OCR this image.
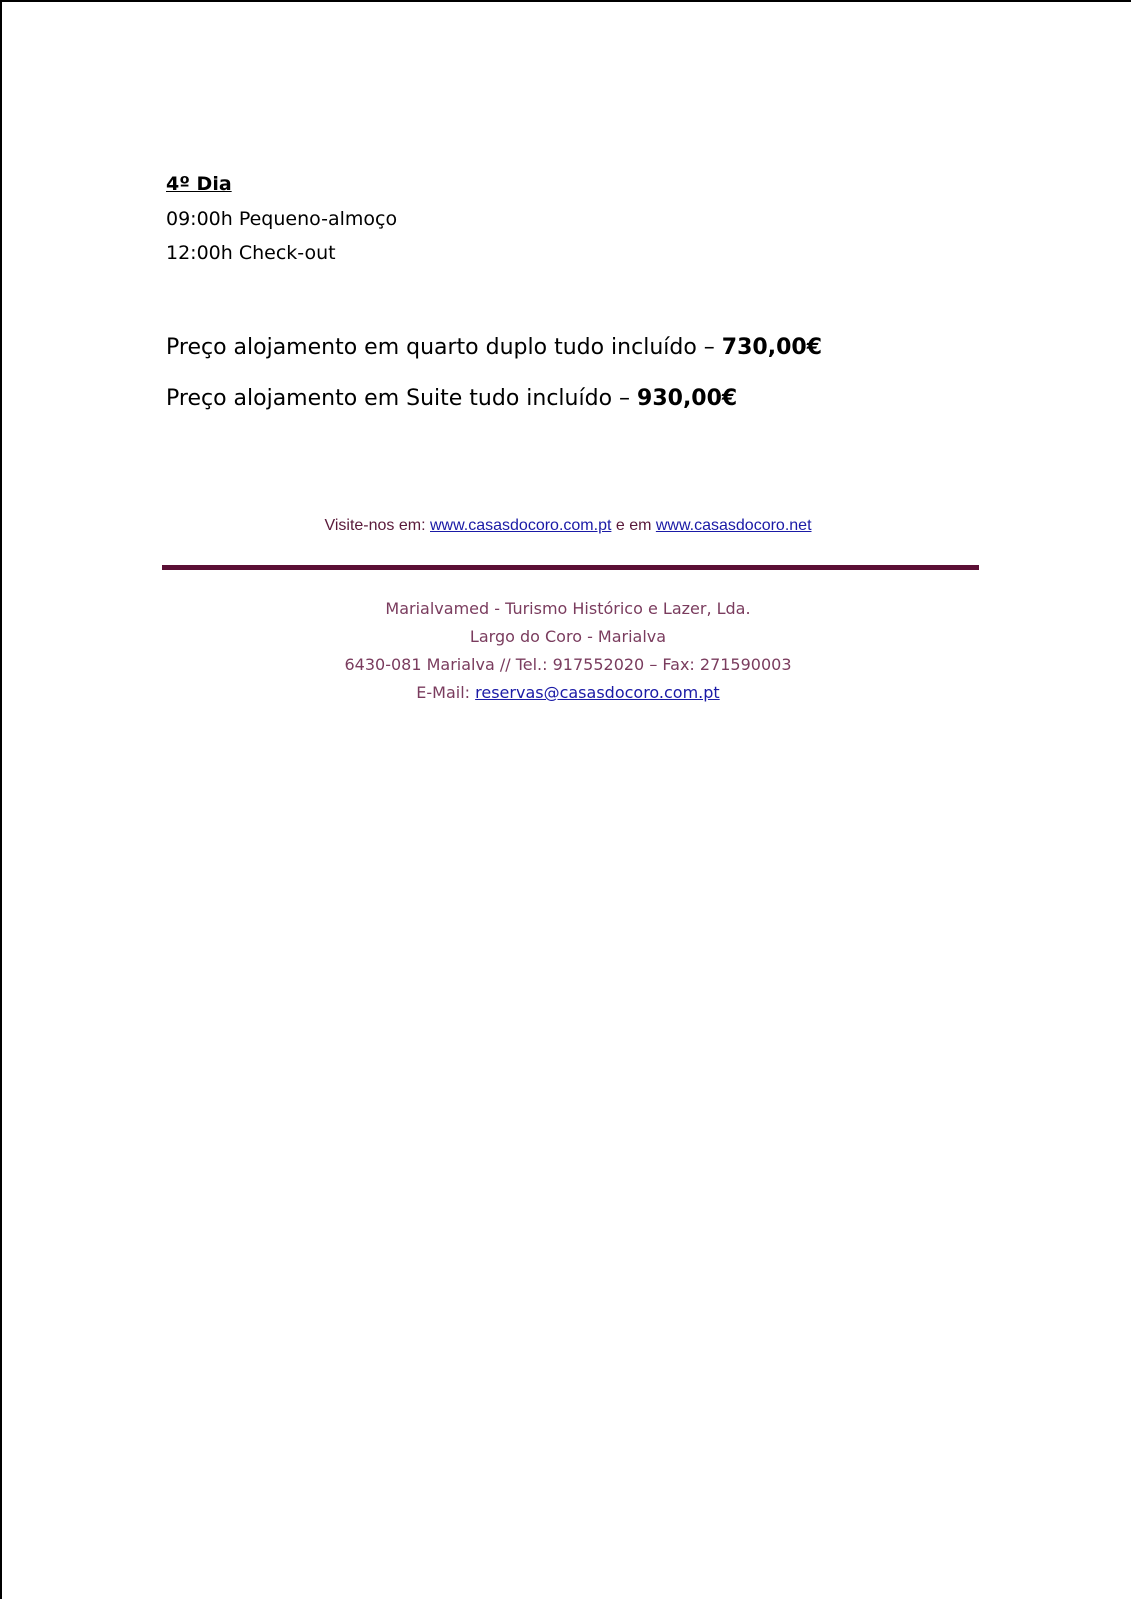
4º Dia
09:00h Pequeno-almoço
12:00h Check-out
Preço alojamento em quarto duplo tudo incluído – 730,00€
Preço alojamento em Suite tudo incluído – 930,00€
Visite-nos em: www.casasdocoro.com.pt e em www.casasdocoro.net
Marialvamed - Turismo Histórico e Lazer, Lda.
Largo do Coro - Marialva
6430-081 Marialva // Tel.: 917552020 – Fax: 271590003
E-Mail: reservas@casasdocoro.com.pt
